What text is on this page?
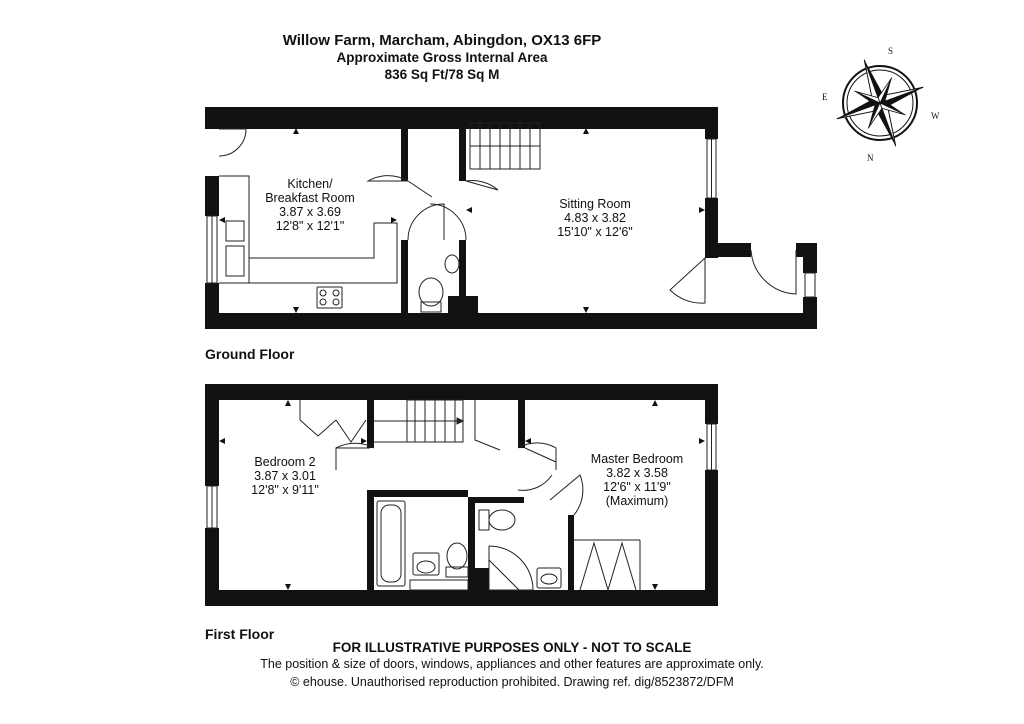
Willow Farm, Marcham, Abingdon, OX13 6FP
Approximate Gross Internal Area
836 Sq Ft/78 Sq M
Kitchen/
Breakfast Room
3.87 x 3.69
12'8" x 12'1"
Sitting Room
4.83 x 3.82
15'10" x 12'6"
Bedroom 2
3.87 x 3.01
12'8" x 9'11"
Master Bedroom
3.82 x 3.58
12'6" x 11'9"
(Maximum)
S
E
W
N
Ground Floor
First Floor
FOR ILLUSTRATIVE PURPOSES ONLY - NOT TO SCALE
The position & size of doors, windows, appliances and other features are approximate only.
© ehouse. Unauthorised reproduction prohibited. Drawing ref. dig/8523872/DFM
